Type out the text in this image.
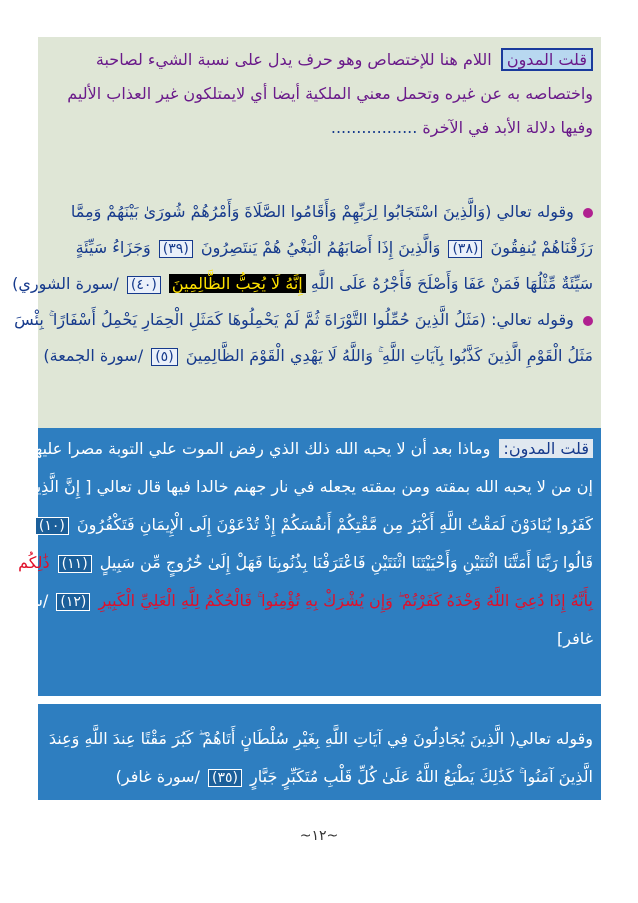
قلت المدون اللام هنا للإختصاص وهو حرف يدل على نسبة الشيء لصاحبة
واختصاصه به عن غيره وتحمل معني الملكية أيضا أي لايمتلكون غير العذاب الأليم
وفيها دلالة الأبد في الآخرة .................
وقوله تعالي (وَالَّذِينَ اسْتَجَابُوا لِرَبِّهِمْ وَأَقَامُوا الصَّلَاةَ وَأَمْرُهُمْ شُورَىٰ بَيْنَهُمْ وَمِمَّا
رَزَقْنَاهُمْ يُنفِقُونَ (٣٨) وَالَّذِينَ إِذَا أَصَابَهُمُ الْبَغْيُ هُمْ يَنتَصِرُونَ (٣٩) وَجَزَاءُ سَيِّئَةٍ
سَيِّئَةٌ مِّثْلُهَا فَمَنْ عَفَا وَأَصْلَحَ فَأَجْرُهُ عَلَى اللَّهِ إِنَّهُ لَا يُحِبُّ الظَّالِمِينَ (٤٠) /سورة الشوري)
وقوله تعالي: (مَثَلُ الَّذِينَ حُمِّلُوا التَّوْرَاةَ ثُمَّ لَمْ يَحْمِلُوهَا كَمَثَلِ الْحِمَارِ يَحْمِلُ أَسْفَارًا ۚ بِئْسَ
مَثَلُ الْقَوْمِ الَّذِينَ كَذَّبُوا بِآيَاتِ اللَّهِ ۚ وَاللَّهُ لَا يَهْدِي الْقَوْمَ الظَّالِمِينَ (٥) /سورة الجمعة)
قلت المدون: وماذا بعد أن لا يحبه الله ذلك الذي رفض الموت علي التوبة مصرا عليها
إن من لا يحبه الله بمقته ومن بمقته يجعله في نار جهنم خالدا فيها قال تعالي [ إِنَّ الَّذِينَ
كَفَرُوا يُنَادَوْنَ لَمَقْتُ اللَّهِ أَكْبَرُ مِن مَّقْتِكُمْ أَنفُسَكُمْ إِذْ تُدْعَوْنَ إِلَى الْإِيمَانِ فَتَكْفُرُونَ (١٠)
قَالُوا رَبَّنَا أَمَتَّنَا اثْنَتَيْنِ وَأَحْيَيْتَنَا اثْنَتَيْنِ فَاعْتَرَفْنَا بِذُنُوبِنَا فَهَلْ إِلَىٰ خُرُوجٍ مِّن سَبِيلٍ (١١) ذَٰلِكُم
بِأَنَّهُ إِذَا دُعِيَ اللَّهُ وَحْدَهُ كَفَرْتُمْ ۖ وَإِن يُشْرَكْ بِهِ تُؤْمِنُوا ۚ فَالْحُكْمُ لِلَّهِ الْعَلِيِّ الْكَبِيرِ (١٢) /سورة
غافر]
وقوله تعالي( الَّذِينَ يُجَادِلُونَ فِي آيَاتِ اللَّهِ بِغَيْرِ سُلْطَانٍ أَتَاهُمْ ۖ كَبُرَ مَقْتًا عِندَ اللَّهِ وَعِندَ
الَّذِينَ آمَنُوا ۚ كَذَٰلِكَ يَطْبَعُ اللَّهُ عَلَىٰ كُلِّ قَلْبِ مُتَكَبِّرٍ جَبَّارٍ (٣٥) /سورة غافر)
~١٢~
